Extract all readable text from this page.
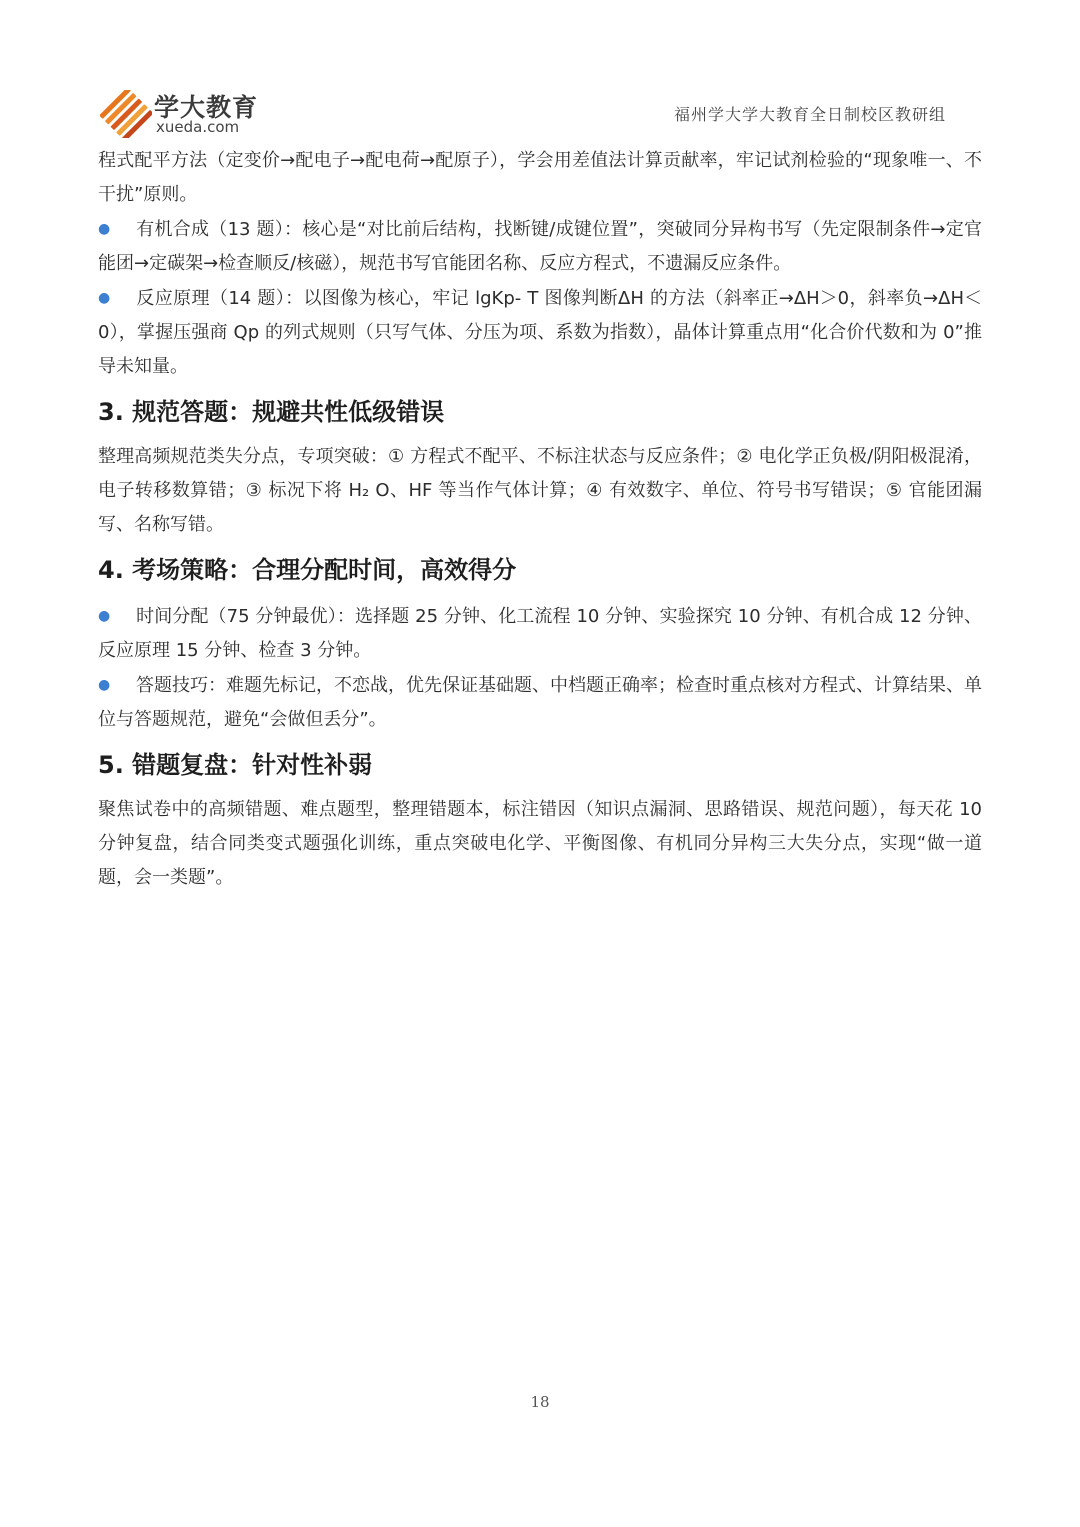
学大教育
xueda.com
福州学大学大教育全日制校区教研组

程式配平方法（定变价→配电子→配电荷→配原子），学会用差值法计算贡献率，牢记试剂检验的“现象唯一、不干扰”原则。

● 有机合成（13 题）：核心是“对比前后结构，找断键/成键位置”，突破同分异构书写（先定限制条件→定官能团→定碳架→检查顺反/核磁），规范书写官能团名称、反应方程式，不遗漏反应条件。

● 反应原理（14 题）：以图像为核心，牢记 lgKp- T 图像判断ΔH 的方法（斜率正→ΔH＞0，斜率负→ΔH＜0），掌握压强商 Qp 的列式规则（只写气体、分压为项、系数为指数），晶体计算重点用“化合价代数和为 0”推导未知量。

3. 规范答题：规避共性低级错误

整理高频规范类失分点，专项突破：① 方程式不配平、不标注状态与反应条件；② 电化学正负极/阴阳极混淆，电子转移数算错；③ 标况下将 H₂ O、HF 等当作气体计算；④ 有效数字、单位、符号书写错误；⑤ 官能团漏写、名称写错。

4. 考场策略：合理分配时间，高效得分

● 时间分配（75 分钟最优）：选择题 25 分钟、化工流程 10 分钟、实验探究 10 分钟、有机合成 12 分钟、反应原理 15 分钟、检查 3 分钟。

● 答题技巧：难题先标记，不恋战，优先保证基础题、中档题正确率；检查时重点核对方程式、计算结果、单位与答题规范，避免“会做但丢分”。

5. 错题复盘：针对性补弱

聚焦试卷中的高频错题、难点题型，整理错题本，标注错因（知识点漏洞、思路错误、规范问题），每天花 10 分钟复盘，结合同类变式题强化训练，重点突破电化学、平衡图像、有机同分异构三大失分点，实现“做一道题，会一类题”。

18
